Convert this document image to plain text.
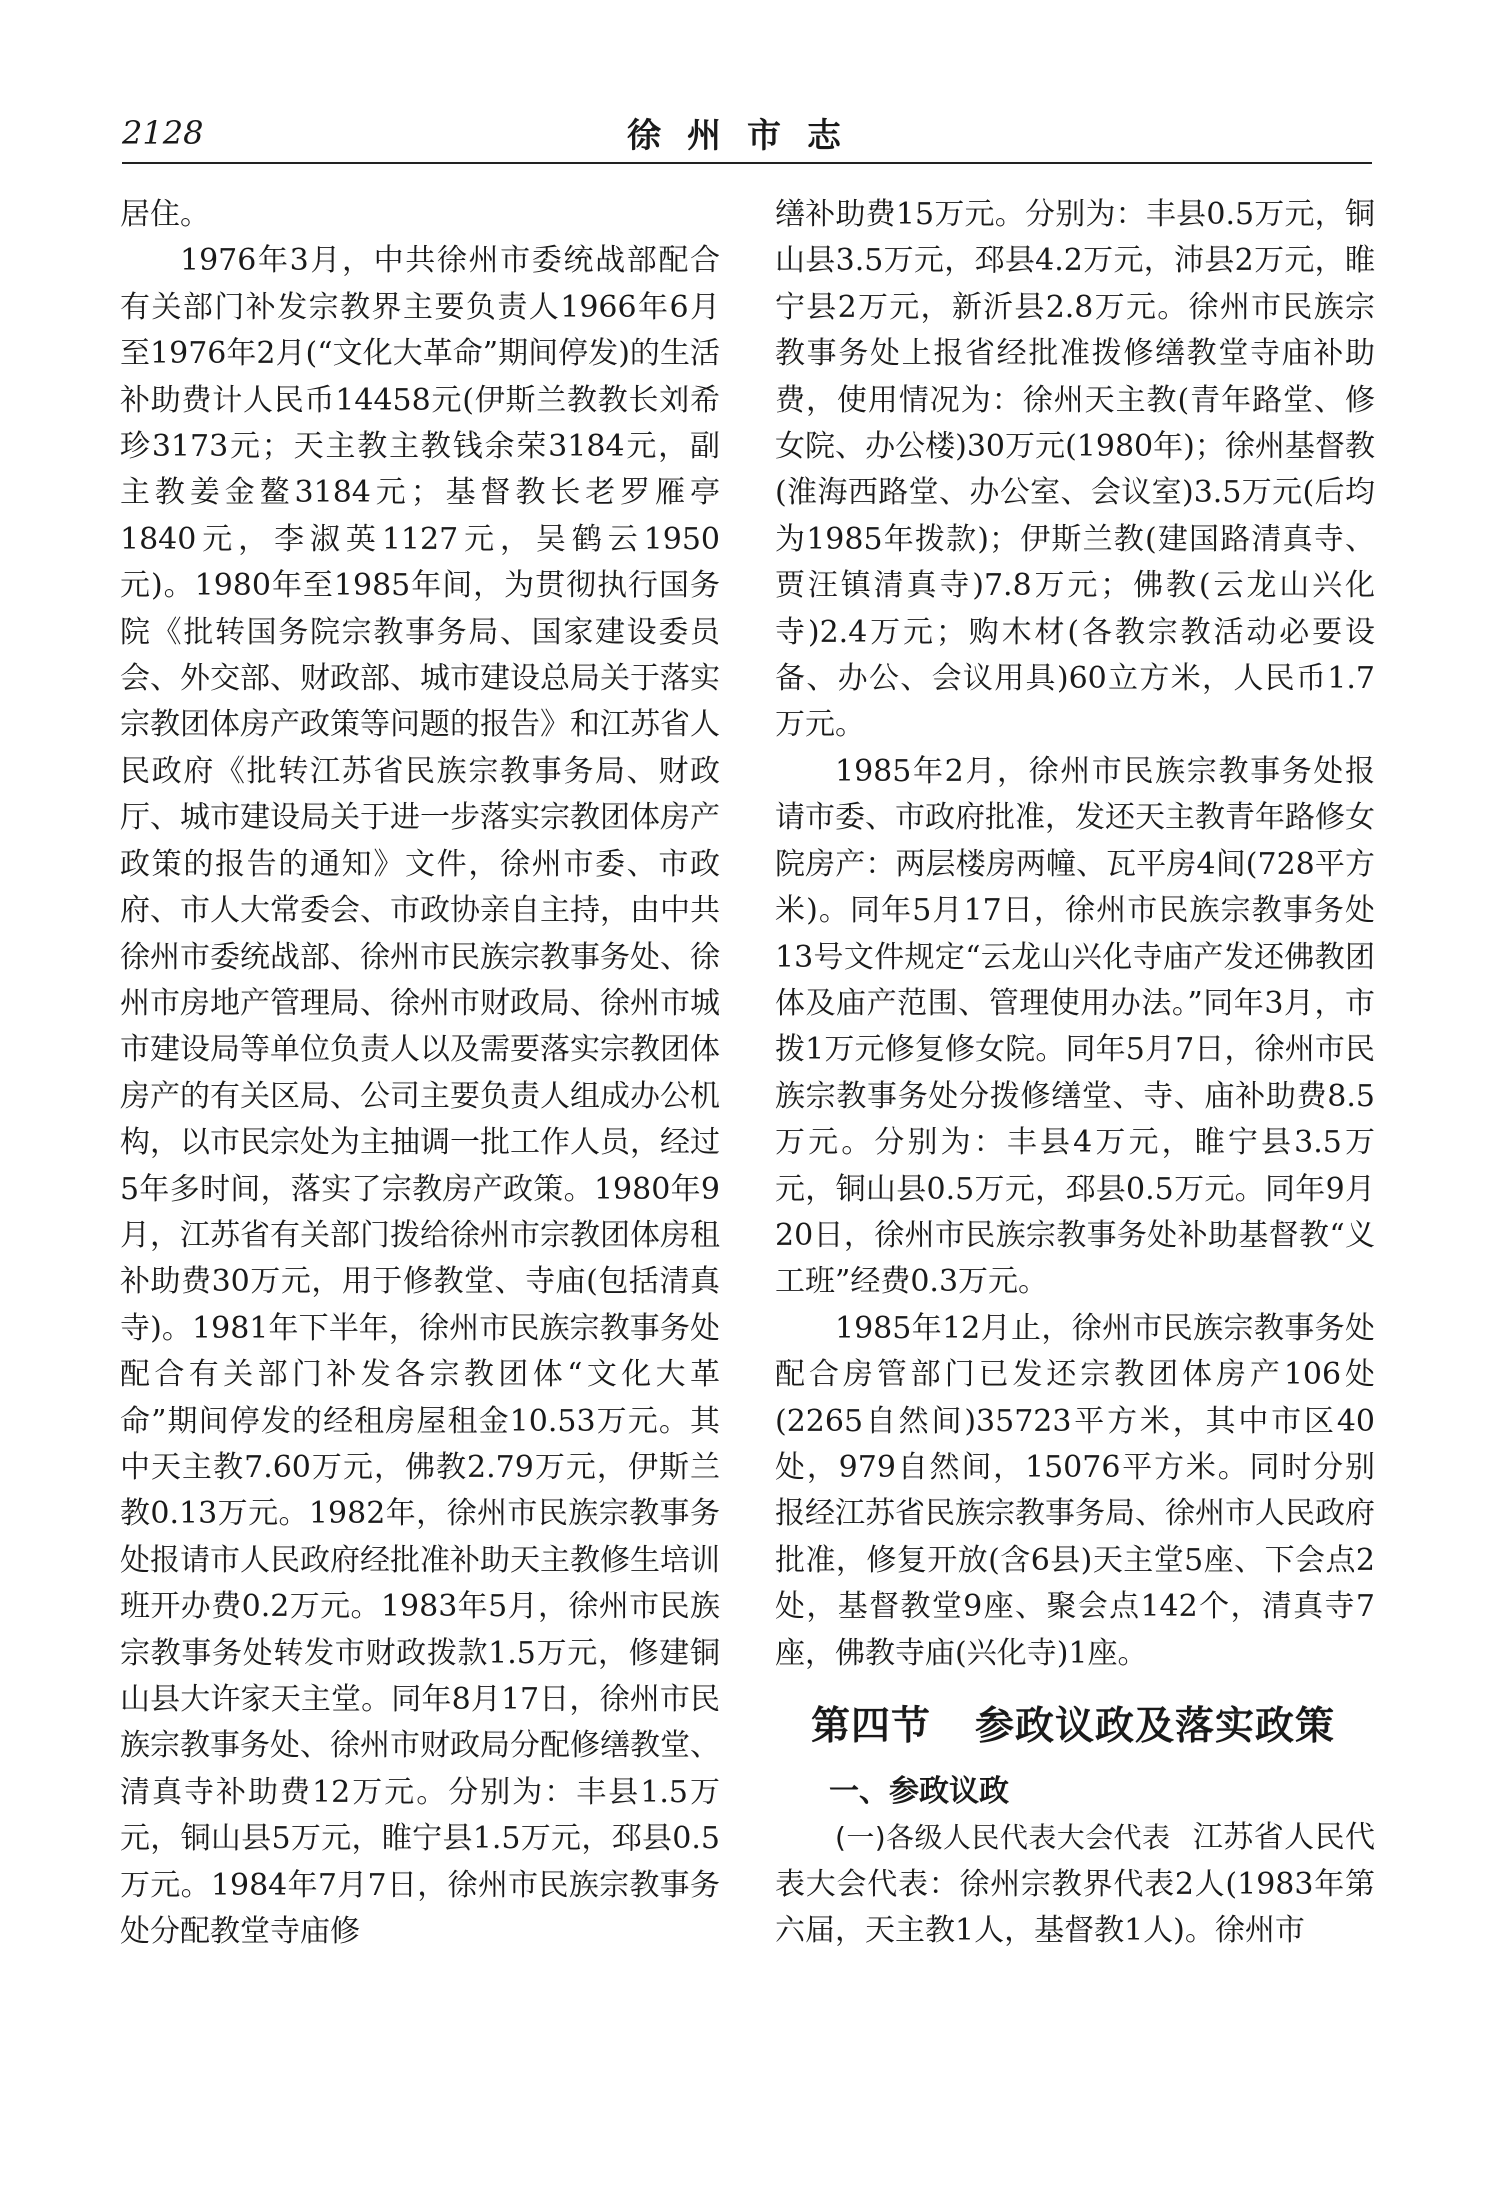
2128	徐州市志

居住。

1976年3月，中共徐州市委统战部配合有关部门补发宗教界主要负责人1966年6月至1976年2月(“文化大革命”期间停发)的生活补助费计人民币14458元(伊斯兰教教长刘希珍3173元；天主教主教钱余荣3184元，副主教姜金鳌3184元；基督教长老罗雁亭1840元，李淑英1127元，吴鹤云1950元)。1980年至1985年间，为贯彻执行国务院《批转国务院宗教事务局、国家建设委员会、外交部、财政部、城市建设总局关于落实宗教团体房产政策等问题的报告》和江苏省人民政府《批转江苏省民族宗教事务局、财政厅、城市建设局关于进一步落实宗教团体房产政策的报告的通知》文件，徐州市委、市政府、市人大常委会、市政协亲自主持，由中共徐州市委统战部、徐州市民族宗教事务处、徐州市房地产管理局、徐州市财政局、徐州市城市建设局等单位负责人以及需要落实宗教团体房产的有关区局、公司主要负责人组成办公机构，以市民宗处为主抽调一批工作人员，经过5年多时间，落实了宗教房产政策。1980年9月，江苏省有关部门拨给徐州市宗教团体房租补助费30万元，用于修教堂、寺庙(包括清真寺)。1981年下半年，徐州市民族宗教事务处配合有关部门补发各宗教团体“文化大革命”期间停发的经租房屋租金10.53万元。其中天主教7.60万元，佛教2.79万元，伊斯兰教0.13万元。1982年，徐州市民族宗教事务处报请市人民政府经批准补助天主教修生培训班开办费0.2万元。1983年5月，徐州市民族宗教事务处转发市财政拨款1.5万元，修建铜山县大许家天主堂。同年8月17日，徐州市民族宗教事务处、徐州市财政局分配修缮教堂、清真寺补助费12万元。分别为：丰县1.5万元，铜山县5万元，睢宁县1.5万元，邳县0.5万元。1984年7月7日，徐州市民族宗教事务处分配教堂寺庙修

缮补助费15万元。分别为：丰县0.5万元，铜山县3.5万元，邳县4.2万元，沛县2万元，睢宁县2万元，新沂县2.8万元。徐州市民族宗教事务处上报省经批准拨修缮教堂寺庙补助费，使用情况为：徐州天主教(青年路堂、修女院、办公楼)30万元(1980年)；徐州基督教(淮海西路堂、办公室、会议室)3.5万元(后均为1985年拨款)；伊斯兰教(建国路清真寺、贾汪镇清真寺)7.8万元；佛教(云龙山兴化寺)2.4万元；购木材(各教宗教活动必要设备、办公、会议用具)60立方米，人民币1.7万元。

1985年2月，徐州市民族宗教事务处报请市委、市政府批准，发还天主教青年路修女院房产：两层楼房两幢、瓦平房4间(728平方米)。同年5月17日，徐州市民族宗教事务处13号文件规定“云龙山兴化寺庙产发还佛教团体及庙产范围、管理使用办法。”同年3月，市拨1万元修复修女院。同年5月7日，徐州市民族宗教事务处分拨修缮堂、寺、庙补助费8.5万元。分别为：丰县4万元，睢宁县3.5万元，铜山县0.5万元，邳县0.5万元。同年9月20日，徐州市民族宗教事务处补助基督教“义工班”经费0.3万元。

1985年12月止，徐州市民族宗教事务处配合房管部门已发还宗教团体房产106处(2265自然间)35723平方米，其中市区40处，979自然间，15076平方米。同时分别报经江苏省民族宗教事务局、徐州市人民政府批准，修复开放(含6县)天主堂5座、下会点2处，基督教堂9座、聚会点142个，清真寺7座，佛教寺庙(兴化寺)1座。

第四节 参政议政及落实政策
一、参政议政

(一)各级人民代表大会代表 江苏省人民代表大会代表：徐州宗教界代表2人(1983年第六届，天主教1人，基督教1人)。徐州市
